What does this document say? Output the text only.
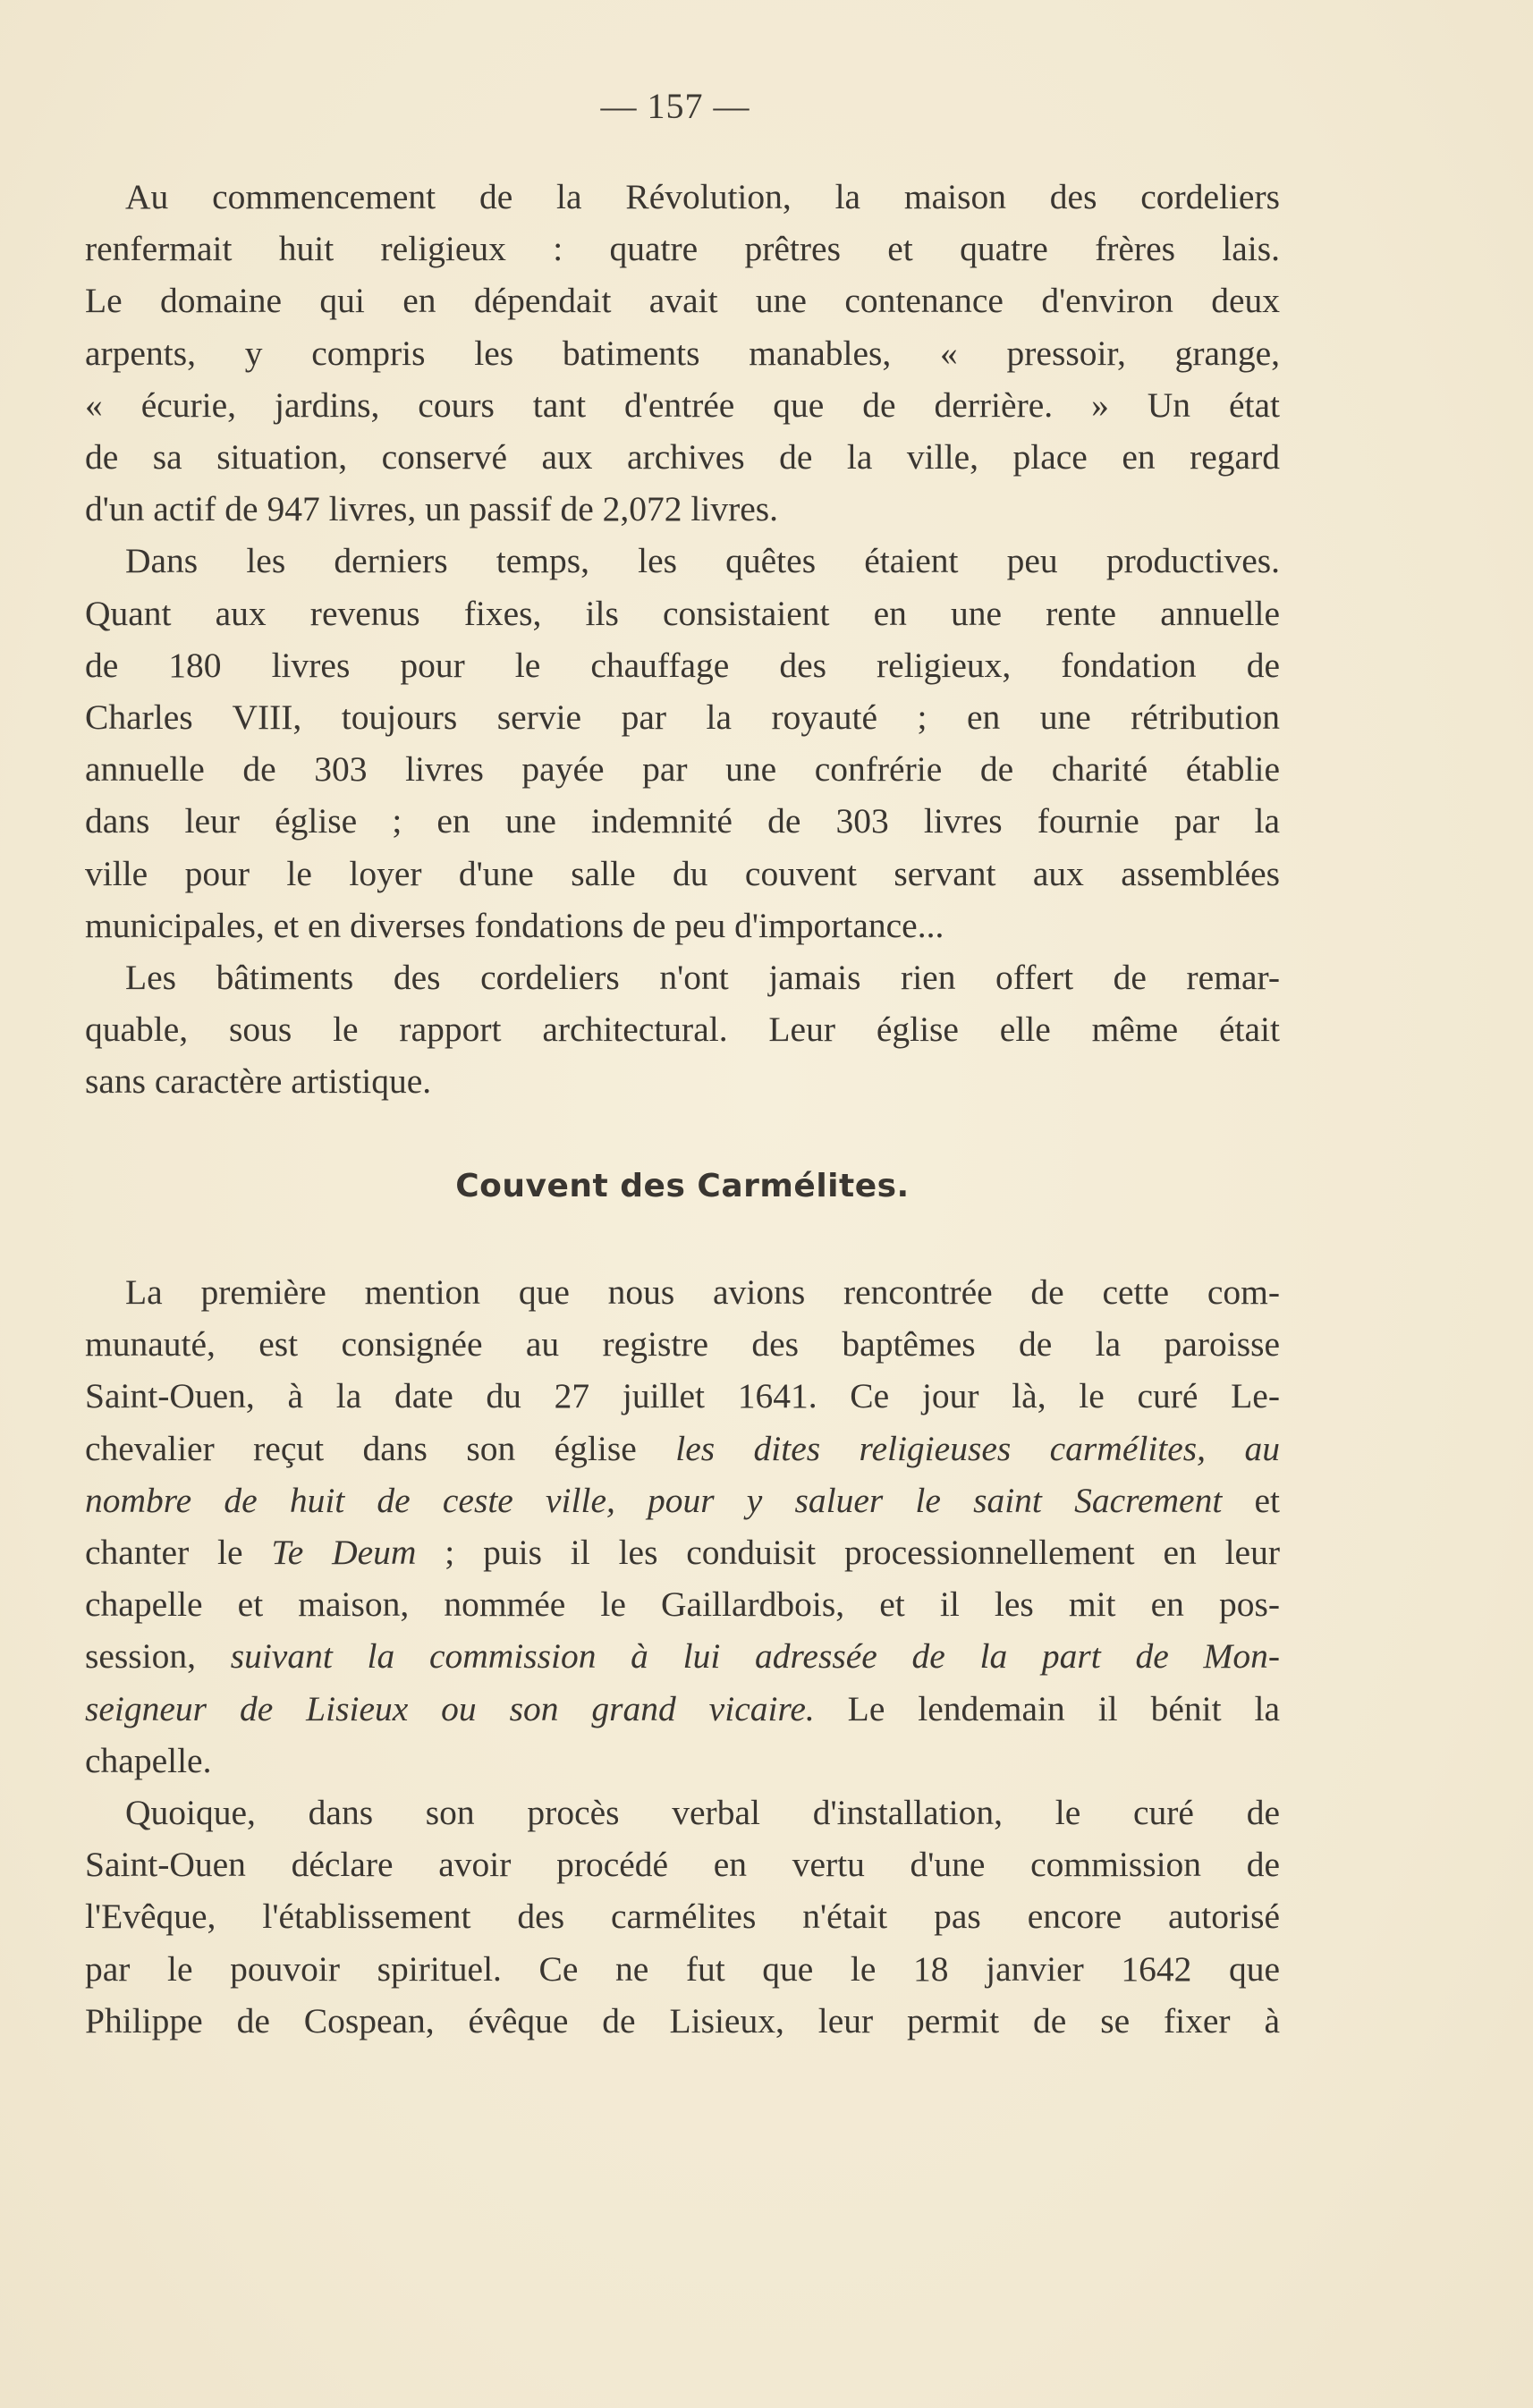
— 157 —

Au commencement de la Révolution, la maison des cordeliers
renfermait huit religieux : quatre prêtres et quatre frères lais.
Le domaine qui en dépendait avait une contenance d'environ deux
arpents, y compris les batiments manables, « pressoir, grange,
« écurie, jardins, cours tant d'entrée que de derrière. » Un état
de sa situation, conservé aux archives de la ville, place en regard
d'un actif de 947 livres, un passif de 2,072 livres.

Dans les derniers temps, les quêtes étaient peu productives.
Quant aux revenus fixes, ils consistaient en une rente annuelle
de 180 livres pour le chauffage des religieux, fondation de
Charles VIII, toujours servie par la royauté ; en une rétribution
annuelle de 303 livres payée par une confrérie de charité établie
dans leur église ; en une indemnité de 303 livres fournie par la
ville pour le loyer d'une salle du couvent servant aux assemblées
municipales, et en diverses fondations de peu d'importance...

Les bâtiments des cordeliers n'ont jamais rien offert de remar-
quable, sous le rapport architectural. Leur église elle même était
sans caractère artistique.

Couvent des Carmélites.

La première mention que nous avions rencontrée de cette com-
munauté, est consignée au registre des baptêmes de la paroisse
Saint-Ouen, à la date du 27 juillet 1641. Ce jour là, le curé Le-
chevalier reçut dans son église les dites religieuses carmélites, au
nombre de huit de ceste ville, pour y saluer le saint Sacrement et
chanter le Te Deum ; puis il les conduisit processionnellement en leur
chapelle et maison, nommée le Gaillardbois, et il les mit en pos-
session, suivant la commission à lui adressée de la part de Mon-
seigneur de Lisieux ou son grand vicaire. Le lendemain il bénit la
chapelle.

Quoique, dans son procès verbal d'installation, le curé de
Saint-Ouen déclare avoir procédé en vertu d'une commission de
l'Evêque, l'établissement des carmélites n'était pas encore autorisé
par le pouvoir spirituel. Ce ne fut que le 18 janvier 1642 que
Philippe de Cospean, évêque de Lisieux, leur permit de se fixer à
